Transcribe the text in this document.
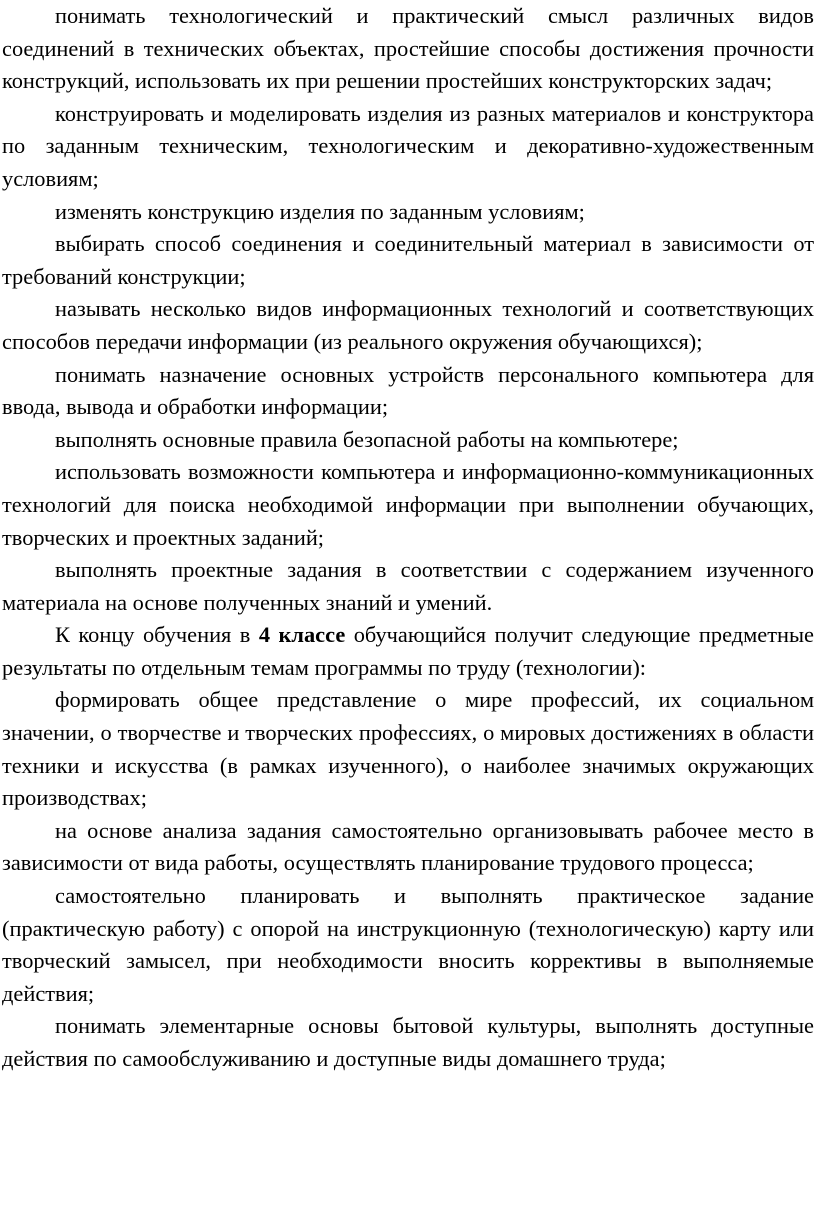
понимать технологический и практический смысл различных видов соединений в технических объектах, простейшие способы достижения прочности конструкций, использовать их при решении простейших конструкторских задач;

конструировать и моделировать изделия из разных материалов и конструктора по заданным техническим, технологическим и декоративно-художественным условиям;

изменять конструкцию изделия по заданным условиям;

выбирать способ соединения и соединительный материал в зависимости от требований конструкции;

называть несколько видов информационных технологий и соответствующих способов передачи информации (из реального окружения обучающихся);

понимать назначение основных устройств персонального компьютера для ввода, вывода и обработки информации;

выполнять основные правила безопасной работы на компьютере;

использовать возможности компьютера и информационно-коммуникационных технологий для поиска необходимой информации при выполнении обучающих, творческих и проектных заданий;

выполнять проектные задания в соответствии с содержанием изученного материала на основе полученных знаний и умений.

К концу обучения в 4 классе обучающийся получит следующие предметные результаты по отдельным темам программы по труду (технологии):

формировать общее представление о мире профессий, их социальном значении, о творчестве и творческих профессиях, о мировых достижениях в области техники и искусства (в рамках изученного), о наиболее значимых окружающих производствах;

на основе анализа задания самостоятельно организовывать рабочее место в зависимости от вида работы, осуществлять планирование трудового процесса;

самостоятельно планировать и выполнять практическое задание (практическую работу) с опорой на инструкционную (технологическую) карту или творческий замысел, при необходимости вносить коррективы в выполняемые действия;

понимать элементарные основы бытовой культуры, выполнять доступные действия по самообслуживанию и доступные виды домашнего труда;
